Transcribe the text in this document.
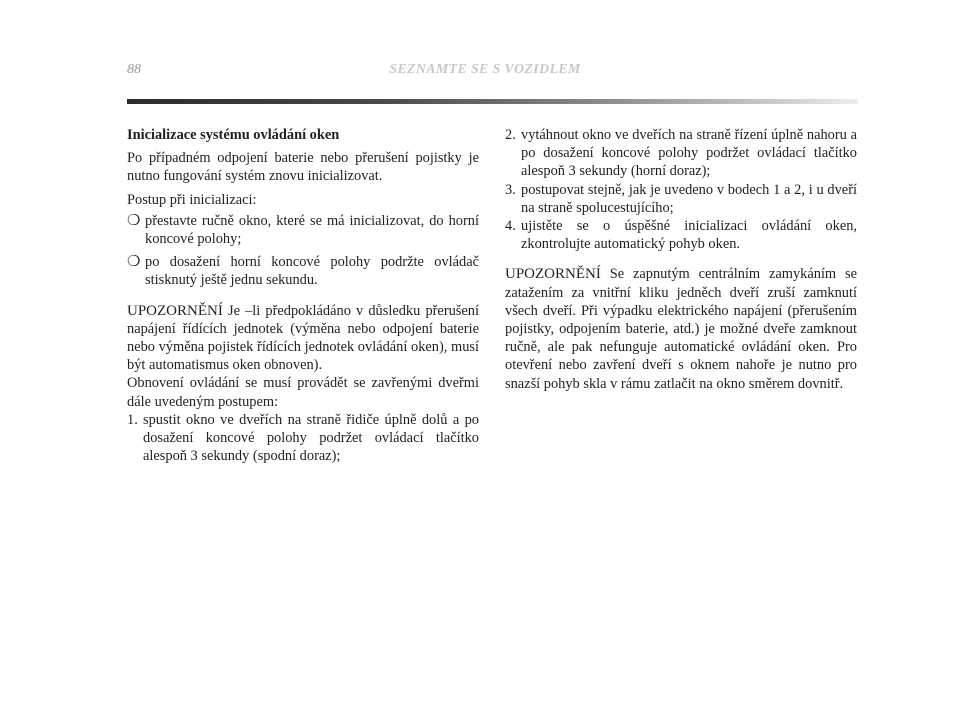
88	SEZNAMTE SE S VOZIDLEM

Inicializace systému ovládání oken

Po případném odpojení baterie nebo přerušení pojistky je nutno fungování systém znovu inicializovat.

Postup při inicializaci:

❍ přestavte ručně okno, které se má inicializovat, do horní koncové polohy;
❍ po dosažení horní koncové polohy podržte ovládač stisknutý ještě jednu sekundu.

UPOZORNĚNÍ Je –li předpokládáno v důsledku přerušení napájení řídících jednotek (výměna nebo odpojení baterie nebo výměna pojistek řídících jednotek ovládání oken), musí být automatismus oken obnoven).

Obnovení ovládání se musí provádět se zavřenými dveřmi dále uvedeným postupem:

1. spustit okno ve dveřích na straně řidiče úplně dolů a po dosažení koncové polohy podržet ovládací tlačítko alespoň 3 sekundy (spodní doraz);
2. vytáhnout okno ve dveřích na straně řízení úplně nahoru a po dosažení koncové polohy podržet ovládací tlačítko alespoň 3 sekundy (horní doraz);
3. postupovat stejně, jak je uvedeno v bodech 1 a 2, i u dveří na straně spolucestujícího;
4. ujistěte se o úspěšné inicializaci ovládání oken, zkontrolujte automatický pohyb oken.

UPOZORNĚNÍ Se zapnutým centrálním zamykáním se zatažením za vnitřní kliku jedněch dveří zruší zamknutí všech dveří. Při výpadku elektrického napájení (přerušením pojistky, odpojením baterie, atd.) je možné dveře zamknout ručně, ale pak nefunguje automatické ovládání oken. Pro otevření nebo zavření dveří s oknem nahoře je nutno pro snazší pohyb skla v rámu zatlačit na okno směrem dovnitř.
